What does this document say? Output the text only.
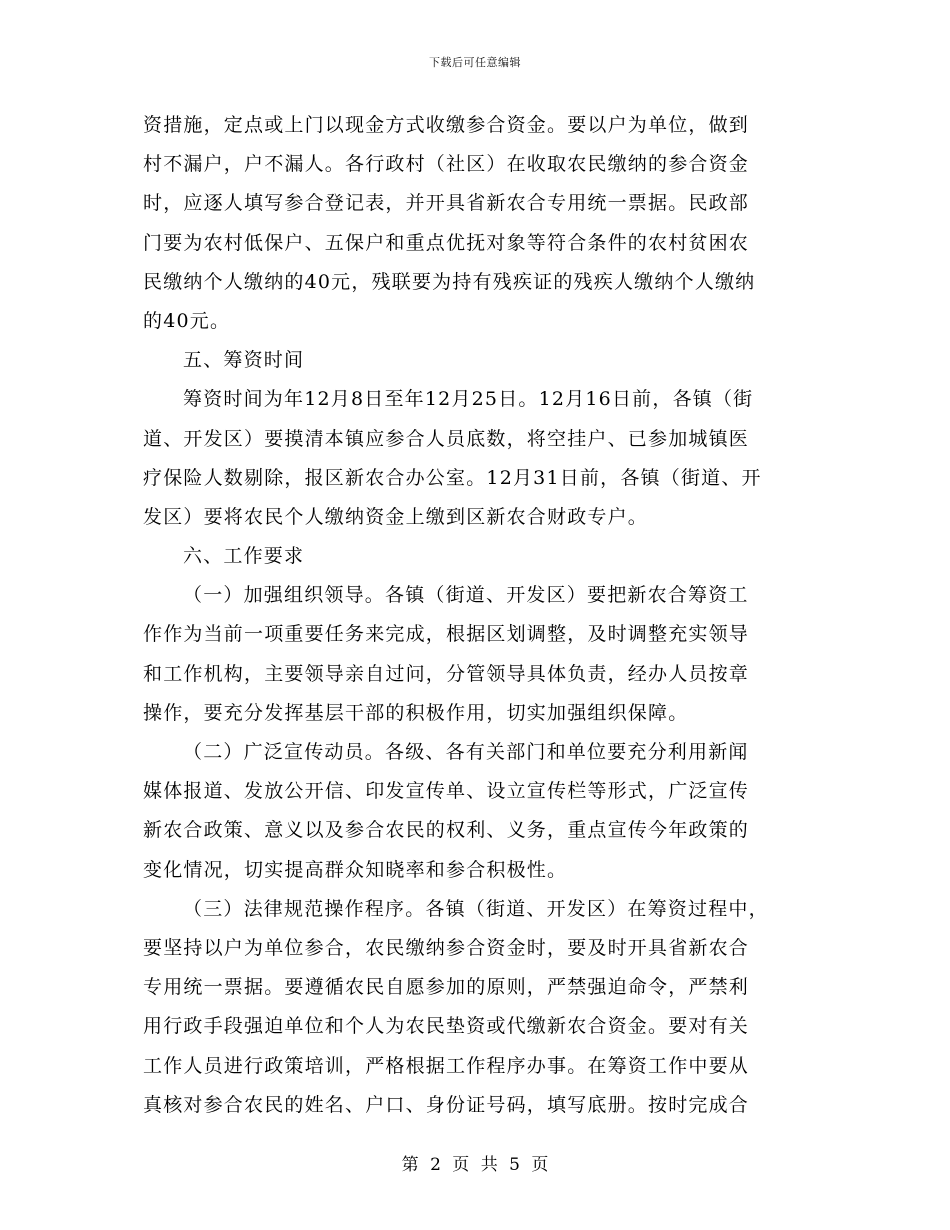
下载后可任意编辑
资措施，定点或上门以现金方式收缴参合资金。要以户为单位，做到
村不漏户，户不漏人。各行政村（社区）在收取农民缴纳的参合资金
时，应逐人填写参合登记表，并开具省新农合专用统一票据。民政部
门要为农村低保户、五保户和重点优抚对象等符合条件的农村贫困农
民缴纳个人缴纳的40元，残联要为持有残疾证的残疾人缴纳个人缴纳
的40元。
五、筹资时间
筹资时间为年12月8日至年12月25日。12月16日前，各镇（街
道、开发区）要摸清本镇应参合人员底数，将空挂户、已参加城镇医
疗保险人数剔除，报区新农合办公室。12月31日前，各镇（街道、开
发区）要将农民个人缴纳资金上缴到区新农合财政专户。
六、工作要求
（一）加强组织领导。各镇（街道、开发区）要把新农合筹资工
作作为当前一项重要任务来完成，根据区划调整，及时调整充实领导
和工作机构，主要领导亲自过问，分管领导具体负责，经办人员按章
操作，要充分发挥基层干部的积极作用，切实加强组织保障。
（二）广泛宣传动员。各级、各有关部门和单位要充分利用新闻
媒体报道、发放公开信、印发宣传单、设立宣传栏等形式，广泛宣传
新农合政策、意义以及参合农民的权利、义务，重点宣传今年政策的
变化情况，切实提高群众知晓率和参合积极性。
（三）法律规范操作程序。各镇（街道、开发区）在筹资过程中，
要坚持以户为单位参合，农民缴纳参合资金时，要及时开具省新农合
专用统一票据。要遵循农民自愿参加的原则，严禁强迫命令，严禁利
用行政手段强迫单位和个人为农民垫资或代缴新农合资金。要对有关
工作人员进行政策培训，严格根据工作程序办事。在筹资工作中要从
真核对参合农民的姓名、户口、身份证号码，填写底册。按时完成合
第 2 页 共 5 页
